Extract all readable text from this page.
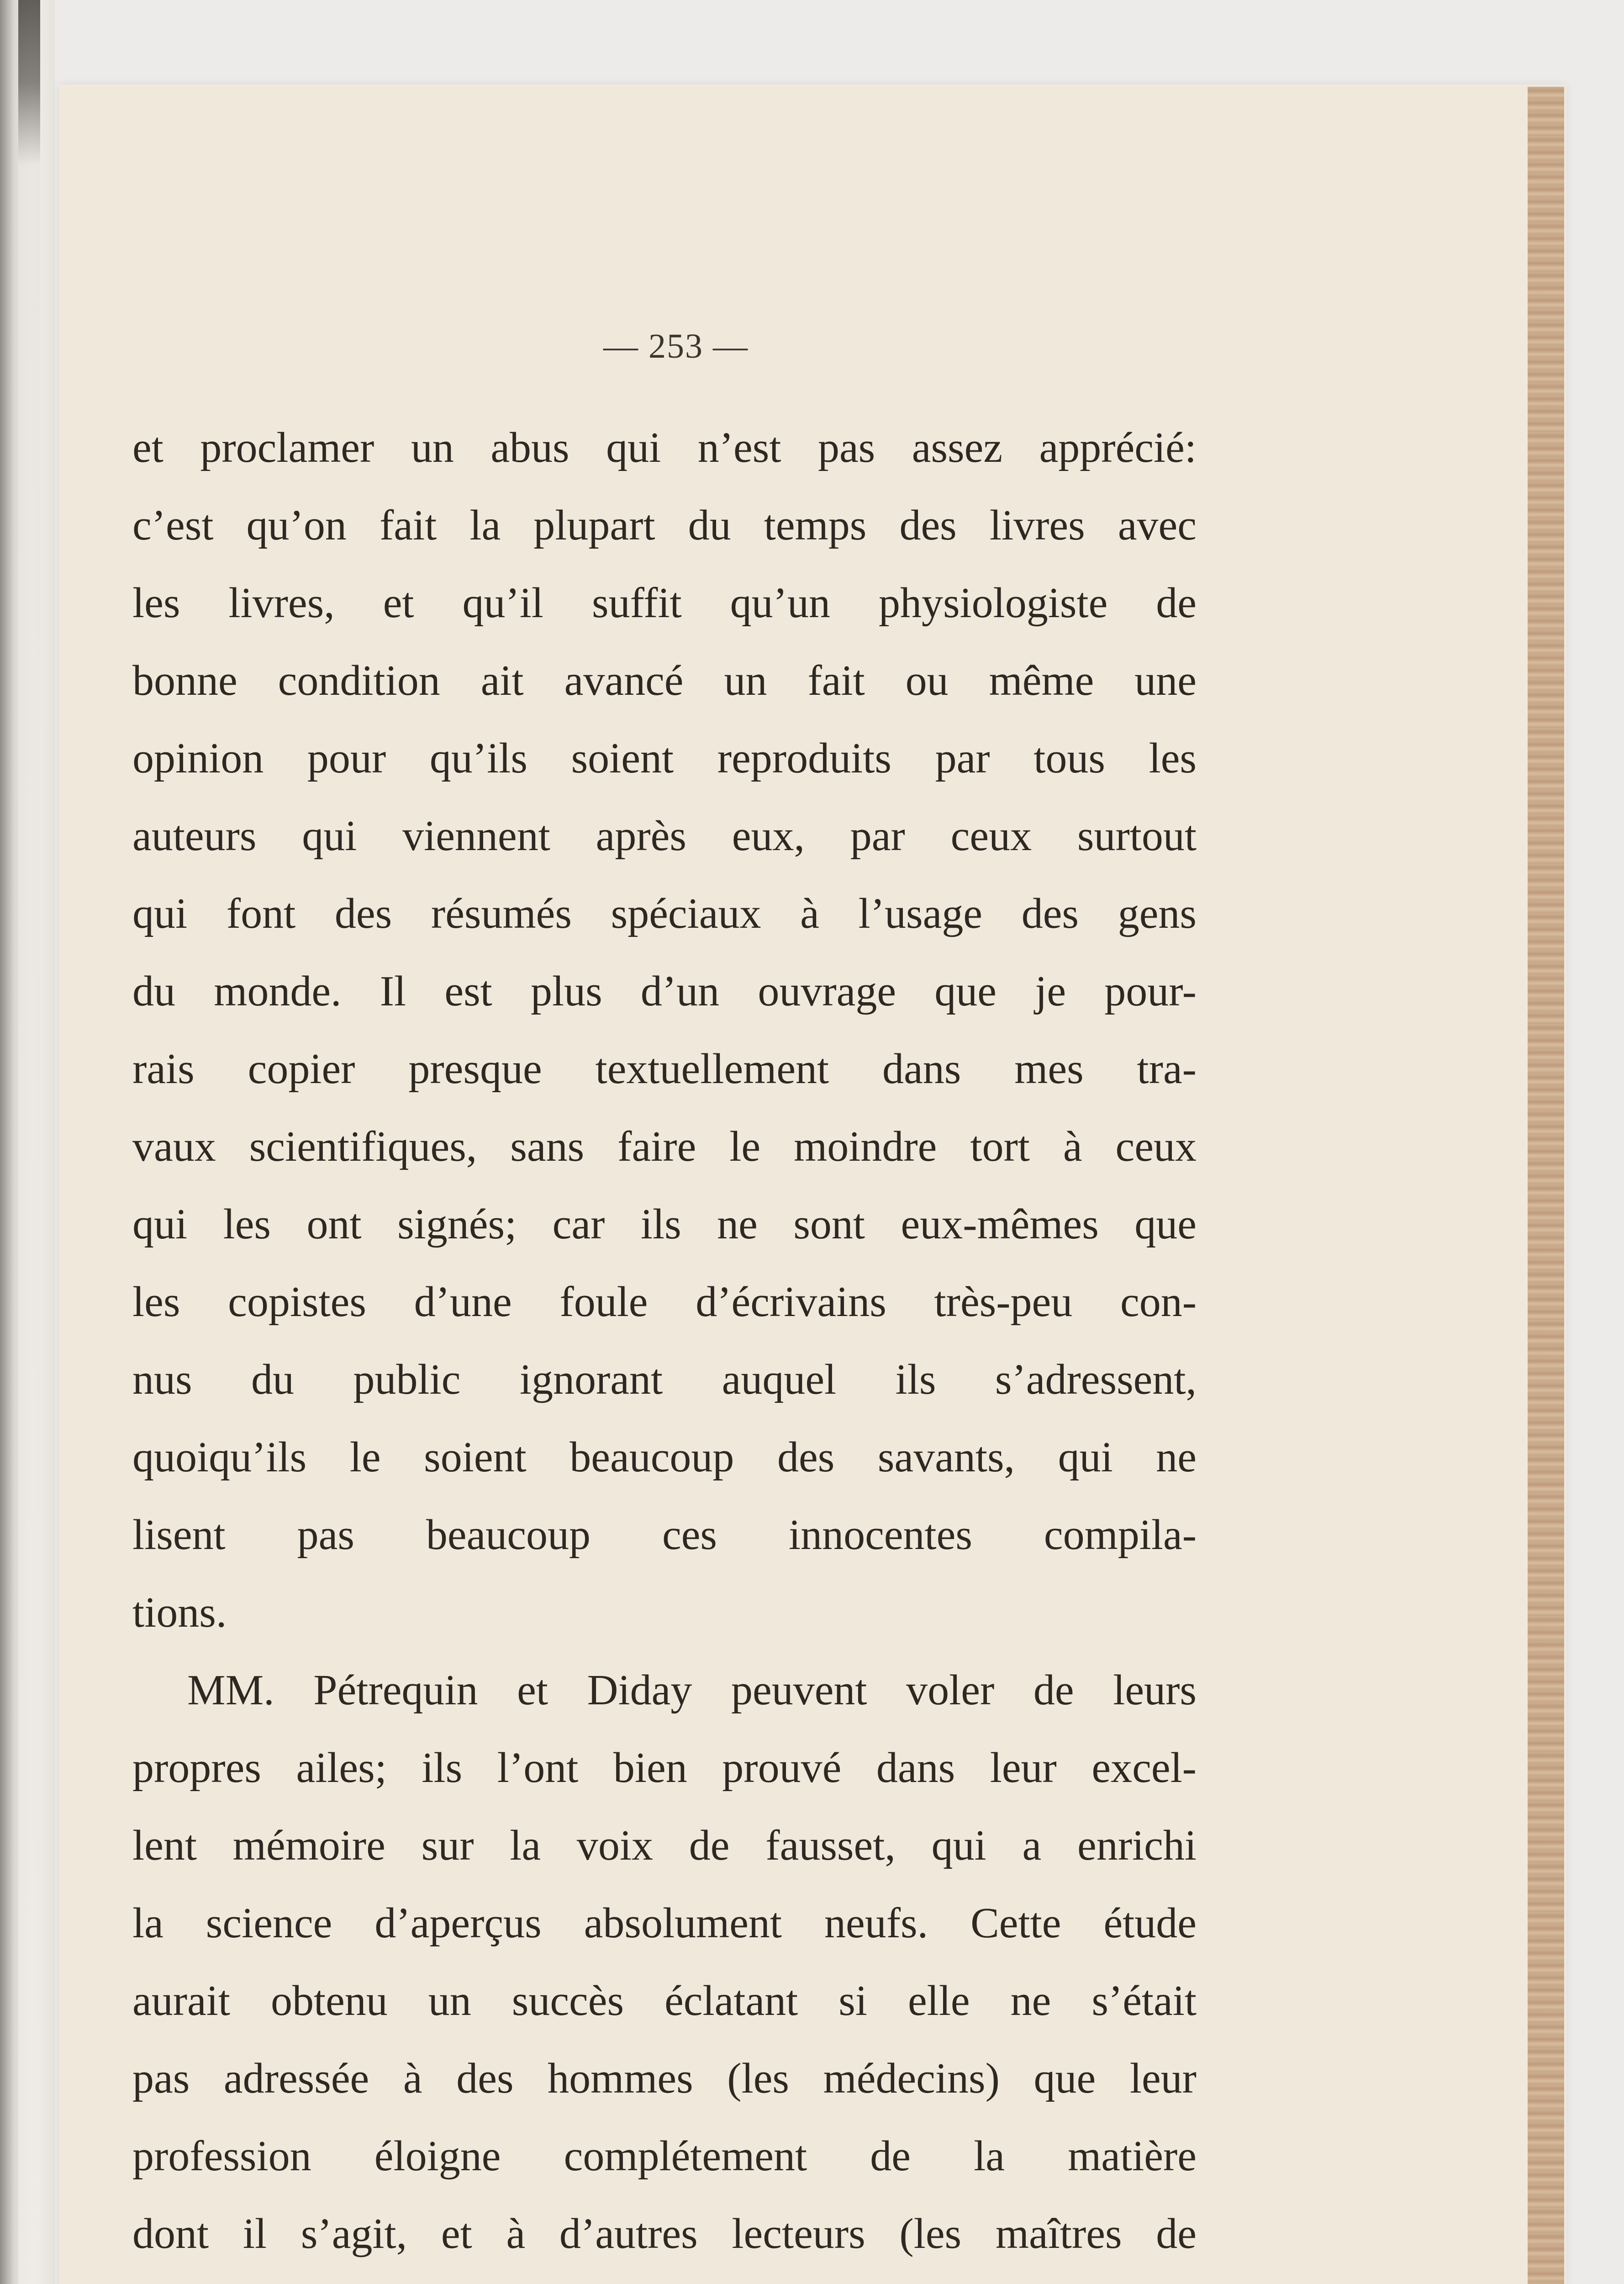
— 253 —
et proclamer un abus qui n’est pas assez apprécié:
c’est qu’on fait la plupart du temps des livres avec
les livres, et qu’il suffit qu’un physiologiste de
bonne condition ait avancé un fait ou même une
opinion pour qu’ils soient reproduits par tous les
auteurs qui viennent après eux, par ceux surtout
qui font des résumés spéciaux à l’usage des gens
du monde. Il est plus d’un ouvrage que je pour-
rais copier presque textuellement dans mes tra-
vaux scientifiques, sans faire le moindre tort à ceux
qui les ont signés; car ils ne sont eux-mêmes que
les copistes d’une foule d’écrivains très-peu con-
nus du public ignorant auquel ils s’adressent,
quoiqu’ils le soient beaucoup des savants, qui ne
lisent pas beaucoup ces innocentes compila-
tions.
MM. Pétrequin et Diday peuvent voler de leurs
propres ailes; ils l’ont bien prouvé dans leur excel-
lent mémoire sur la voix de fausset, qui a enrichi
la science d’aperçus absolument neufs. Cette étude
aurait obtenu un succès éclatant si elle ne s’était
pas adressée à des hommes (les médecins) que leur
profession éloigne complétement de la matière
dont il s’agit, et à d’autres lecteurs (les maîtres de
